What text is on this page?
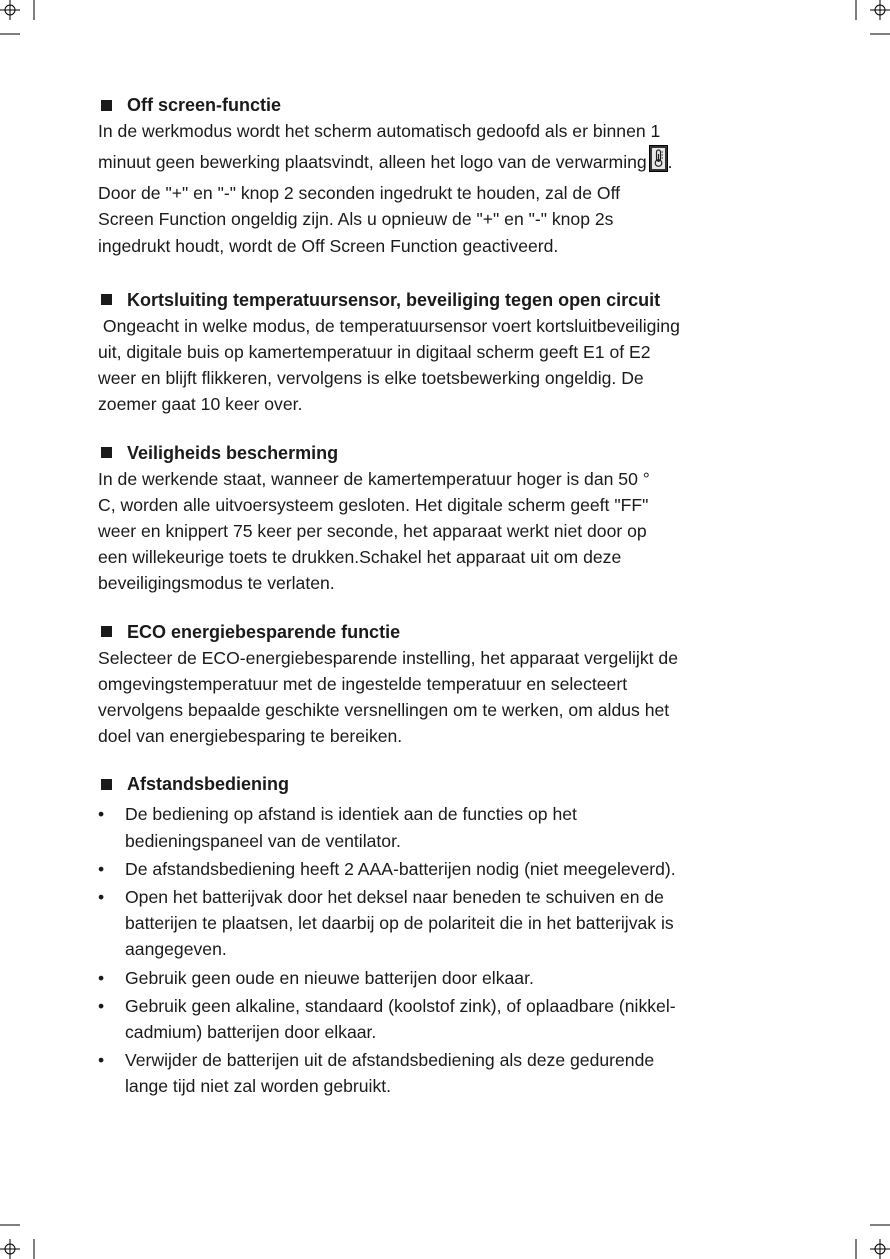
Off screen-functie

In de werkmodus wordt het scherm automatisch gedoofd als er binnen 1
minuut geen bewerking plaatsvindt, alleen het logo van de verwarming .
Door de "+" en "-" knop 2 seconden ingedrukt te houden, zal de Off
Screen Function ongeldig zijn. Als u opnieuw de "+" en "-" knop 2s
ingedrukt houdt, wordt de Off Screen Function geactiveerd.

Kortsluiting temperatuursensor, beveiliging tegen open circuit

Ongeacht in welke modus, de temperatuursensor voert kortsluitbeveiliging
uit, digitale buis op kamertemperatuur in digitaal scherm geeft E1 of E2
weer en blijft flikkeren, vervolgens is elke toetsbewerking ongeldig. De
zoemer gaat 10 keer over.

Veiligheids bescherming

In de werkende staat, wanneer de kamertemperatuur hoger is dan 50 °
C, worden alle uitvoersysteem gesloten. Het digitale scherm geeft "FF"
weer en knippert 75 keer per seconde, het apparaat werkt niet door op
een willekeurige toets te drukken.Schakel het apparaat uit om deze
beveiligingsmodus te verlaten.

ECO energiebesparende functie

Selecteer de ECO-energiebesparende instelling, het apparaat vergelijkt de
omgevingstemperatuur met de ingestelde temperatuur en selecteert
vervolgens bepaalde geschikte versnellingen om te werken, om aldus het
doel van energiebesparing te bereiken.

Afstandsbediening
• De bediening op afstand is identiek aan de functies op het
bedieningspaneel van de ventilator.
• De afstandsbediening heeft 2 AAA-batterijen nodig (niet meegeleverd).
• Open het batterijvak door het deksel naar beneden te schuiven en de
batterijen te plaatsen, let daarbij op de polariteit die in het batterijvak is
aangegeven.
• Gebruik geen oude en nieuwe batterijen door elkaar.
• Gebruik geen alkaline, standaard (koolstof zink), of oplaadbare (nikkel-
cadmium) batterijen door elkaar.
• Verwijder de batterijen uit de afstandsbediening als deze gedurende
lange tijd niet zal worden gebruikt.
